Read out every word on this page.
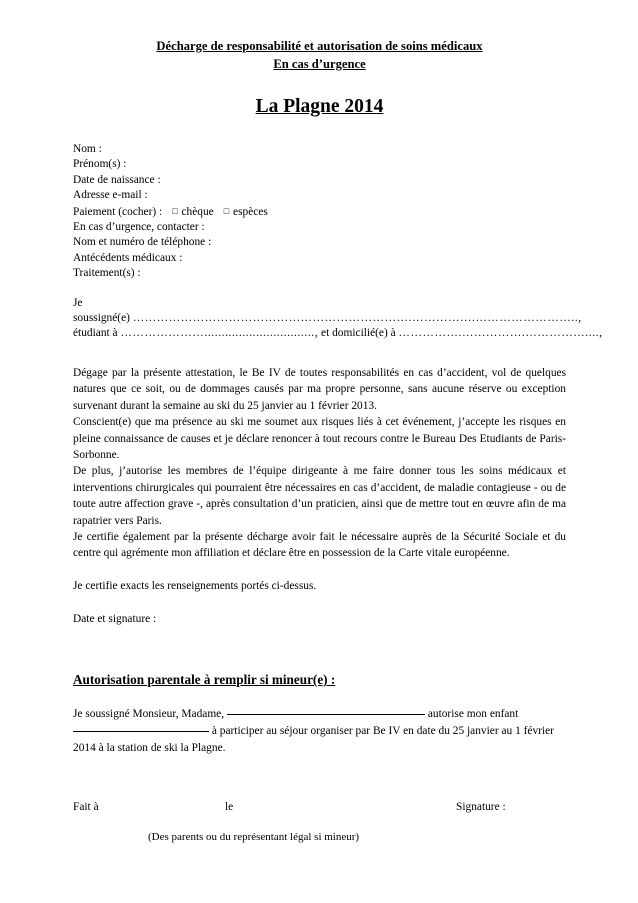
Décharge de responsabilité et autorisation de soins médicaux
En cas d’urgence
La Plagne 2014
Nom :
Prénom(s) :
Date de naissance :
Adresse e-mail :
Paiement (cocher) : □ chèque □ espèces
En cas d’urgence, contacter :
Nom et numéro de téléphone :
Antécédents médicaux :
Traitement(s) :
Je
soussigné(e) …………………………………………………………….…………….……………………..,
étudiant à …………………................................, et domicilié(e) à …………….…………….……………....,

Dégage par la présente attestation, le Be IV de toutes responsabilités en cas d’accident, vol de quelques natures que ce soit, ou de dommages causés par ma propre personne, sans aucune réserve ou exception survenant durant la semaine au ski du 25 janvier au 1 février 2013.

Conscient(e) que ma présence au ski me soumet aux risques liés à cet événement, j’accepte les risques en pleine connaissance de causes et je déclare renoncer à tout recours contre le Bureau Des Etudiants de Paris-Sorbonne.

De plus, j’autorise les membres de l’équipe dirigeante à me faire donner tous les soins médicaux et interventions chirurgicales qui pourraient être nécessaires en cas d’accident, de maladie contagieuse - ou de toute autre affection grave -, après consultation d’un praticien, ainsi que de mettre tout en œuvre afin de ma rapatrier vers Paris.

Je certifie également par la présente décharge avoir fait le nécessaire auprès de la Sécurité Sociale et du centre qui agrémente mon affiliation et déclare être en possession de la Carte vitale européenne.

Je certifie exacts les renseignements portés ci-dessus.

Date et signature :

Autorisation parentale à remplir si mineur(e) :
Je soussigné Monsieur, Madame,	autorise mon enfant  à participer au séjour organiser par Be IV en date du 25 janvier au 1 février 2014 à la station de ski la Plagne.
Fait à	le	Signature :
(Des parents ou du représentant légal si mineur)
